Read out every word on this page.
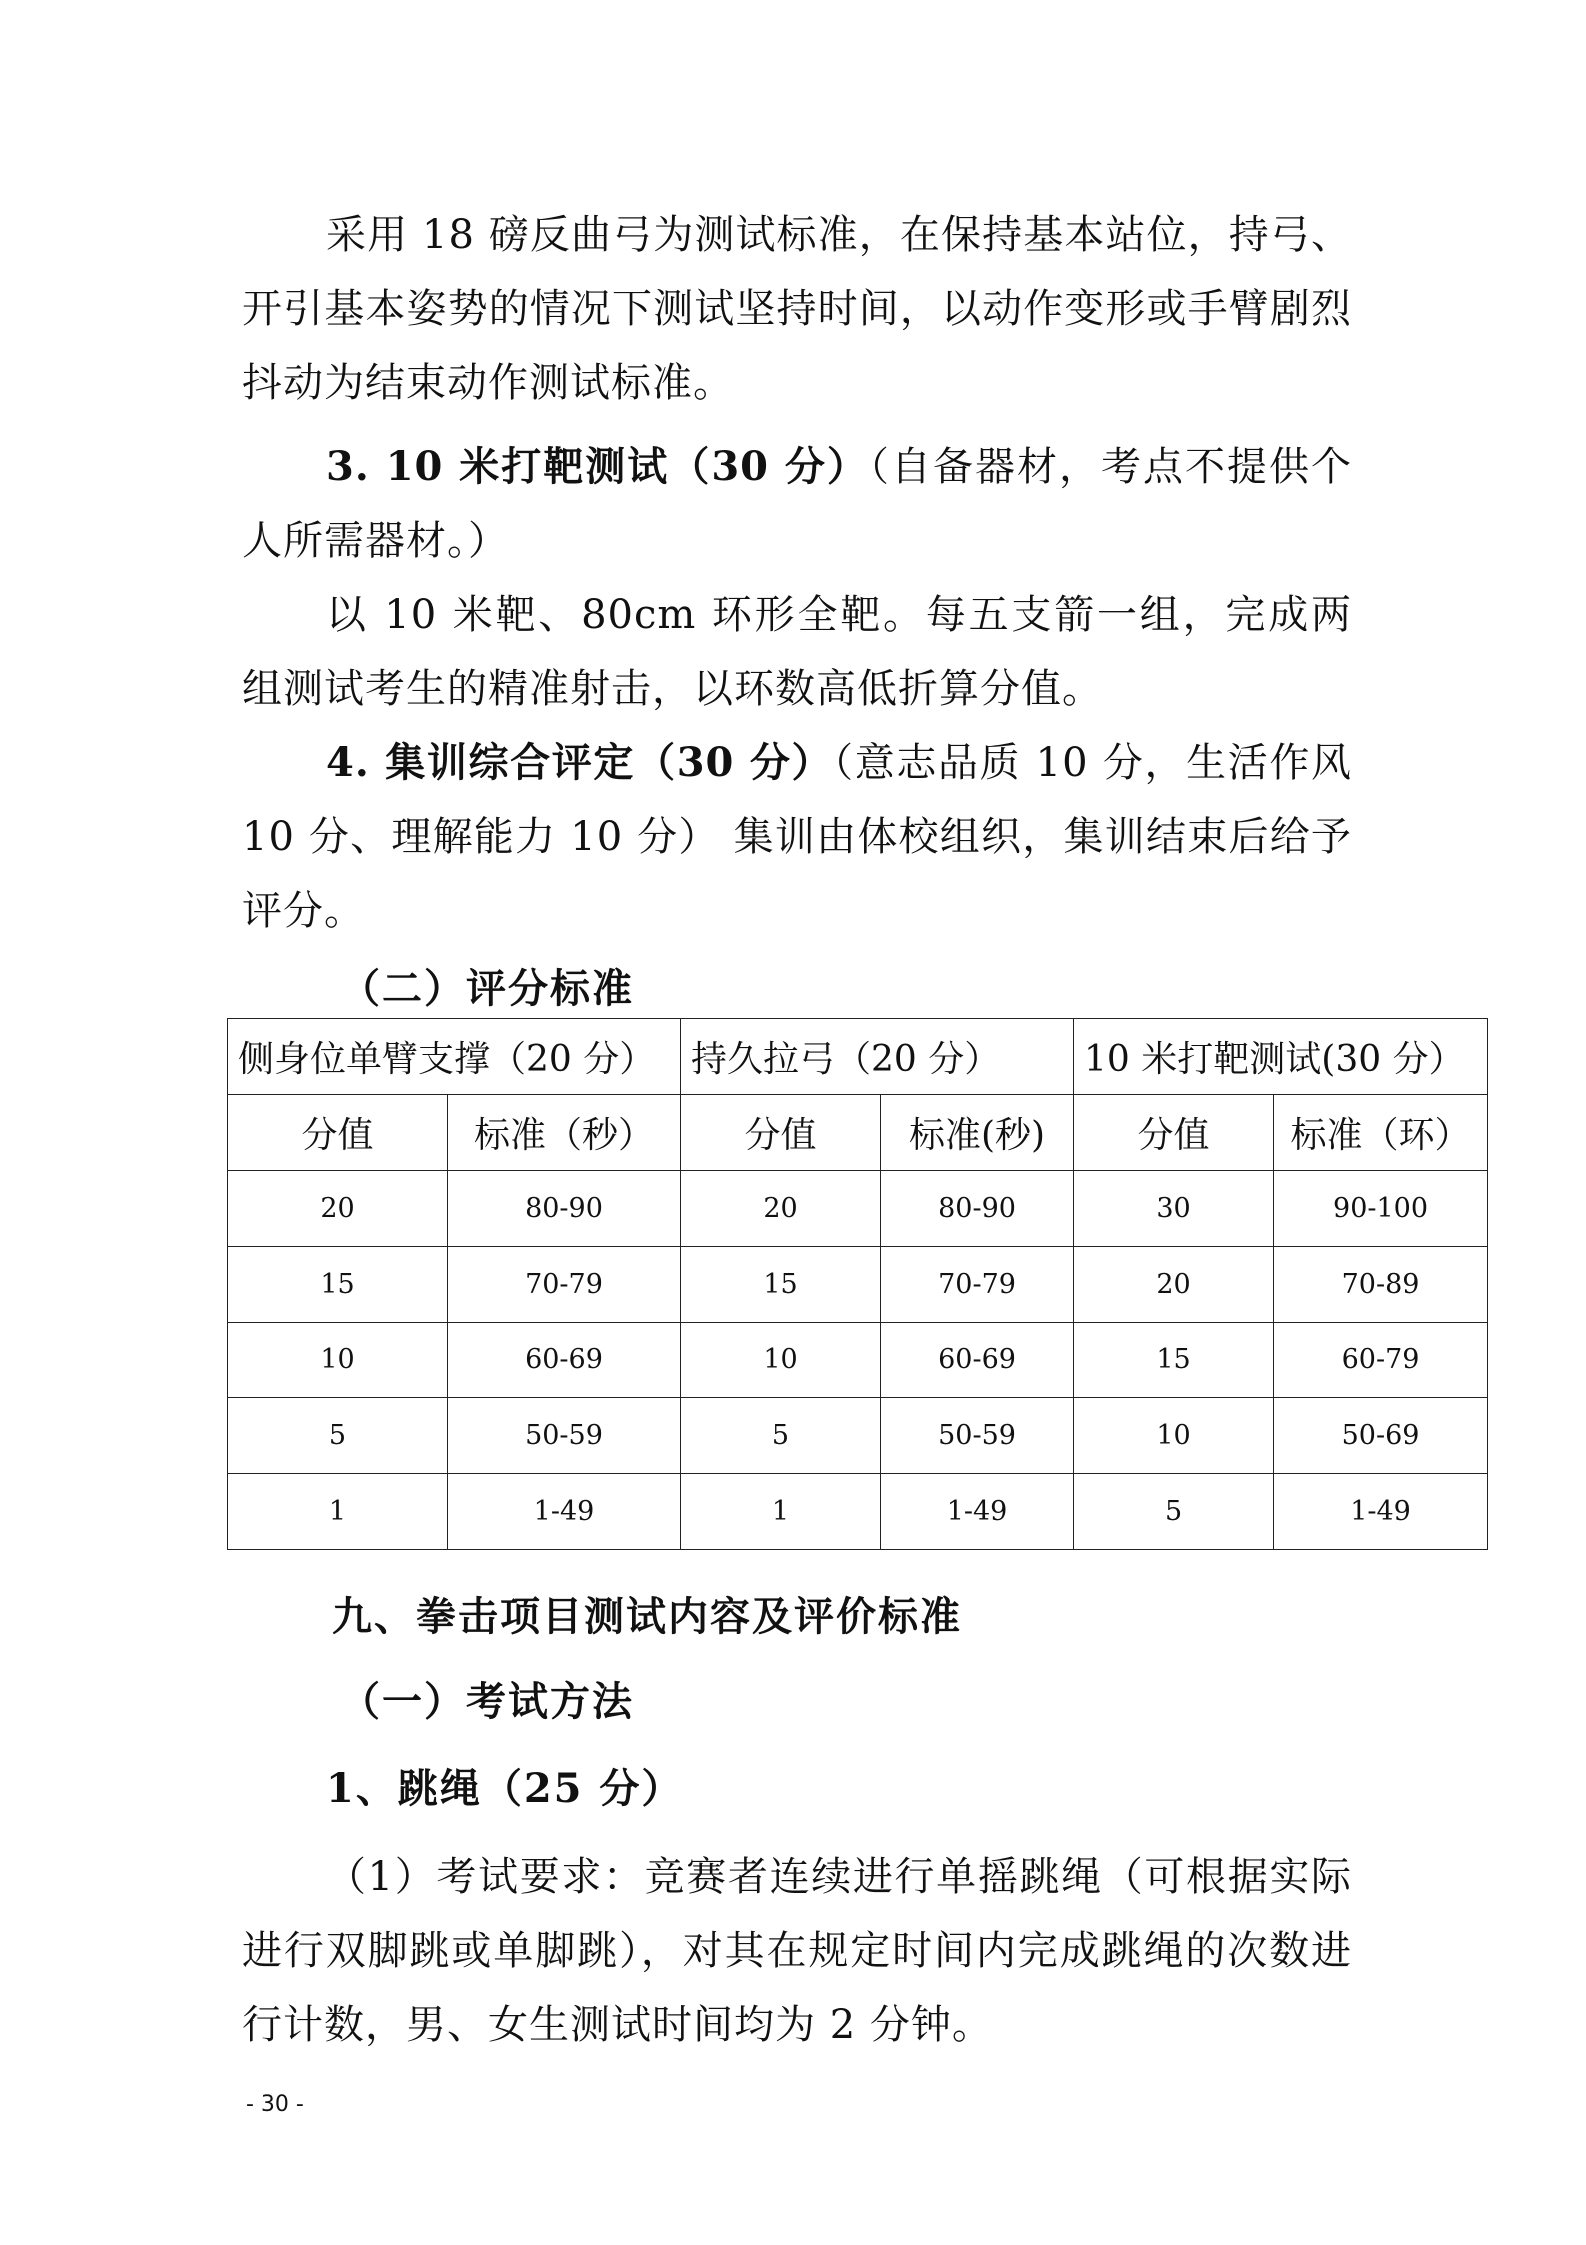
采用 18 磅反曲弓为测试标准，在保持基本站位，持弓、开引基本姿势的情况下测试坚持时间，以动作变形或手臂剧烈抖动为结束动作测试标准。

3. 10 米打靶测试（30 分）（自备器材，考点不提供个人所需器材。）

以 10 米靶、80cm 环形全靶。每五支箭一组，完成两组测试考生的精准射击，以环数高低折算分值。

4. 集训综合评定（30 分）（意志品质 10 分，生活作风 10 分、理解能力 10 分） 集训由体校组织，集训结束后给予评分。

（二）评分标准

侧身位单臂支撑（20 分）		持久拉弓（20 分）		10 米打靶测试(30 分）	
分值	标准（秒）	分值	标准(秒)	分值	标准（环）
20	80-90	20	80-90	30	90-100
15	70-79	15	70-79	20	70-89
10	60-69	10	60-69	15	60-79
5	50-59	5	50-59	10	50-69
1	1-49	1	1-49	5	1-49

九、拳击项目测试内容及评价标准

（一）考试方法

1、跳绳（25 分）

（1）考试要求：竞赛者连续进行单摇跳绳（可根据实际进行双脚跳或单脚跳），对其在规定时间内完成跳绳的次数进行计数，男、女生测试时间均为 2 分钟。

- 30 -
